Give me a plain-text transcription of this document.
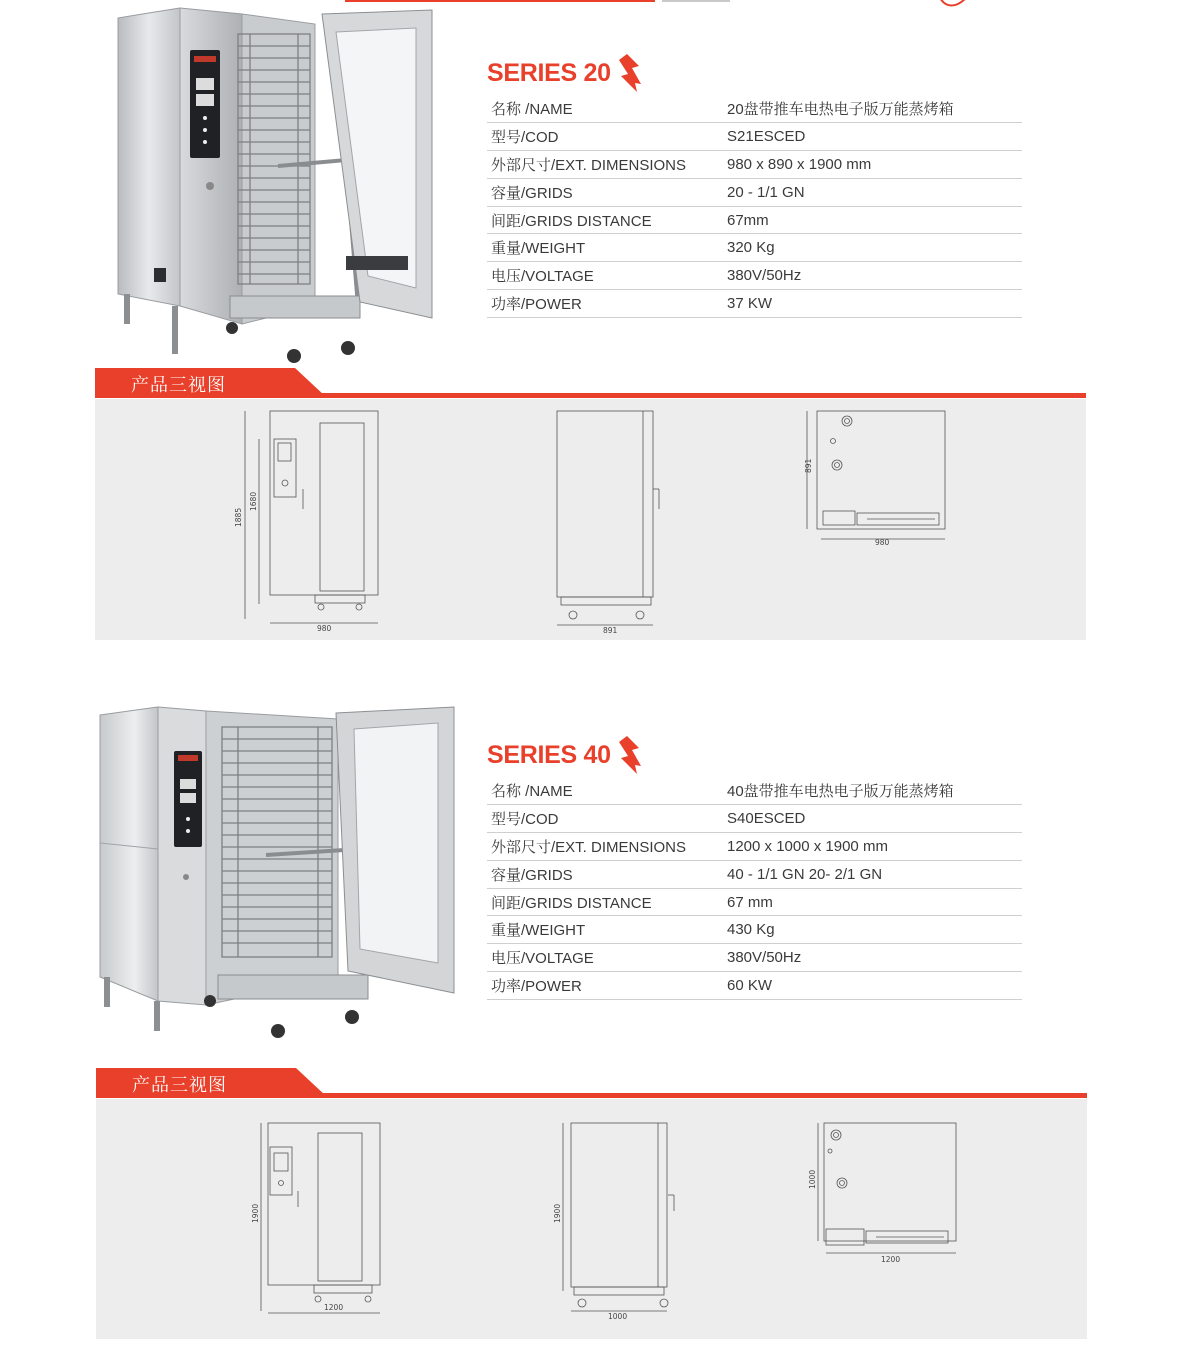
SERIES 20
名称 /NAME	20盘带推车电热电子版万能蒸烤箱
型号/COD	S21ESCED
外部尺寸/EXT. DIMENSIONS	980 x 890 x 1900 mm
容量/GRIDS	20 - 1/1 GN
间距/GRIDS DISTANCE	67mm
重量/WEIGHT	320 Kg
电压/VOLTAGE	380V/50Hz
功率/POWER	37 KW
产品三视图
1885
1680
980	891
891
980
SERIES 40
名称 /NAME	40盘带推车电热电子版万能蒸烤箱
型号/COD	S40ESCED
外部尺寸/EXT. DIMENSIONS	1200 x 1000 x 1900 mm
容量/GRIDS	40 - 1/1 GN 20- 2/1 GN
间距/GRIDS DISTANCE	67 mm
重量/WEIGHT	430 Kg
电压/VOLTAGE	380V/50Hz
功率/POWER	60 KW
产品三视图
1900
1200
1900
1000
1000
1200
